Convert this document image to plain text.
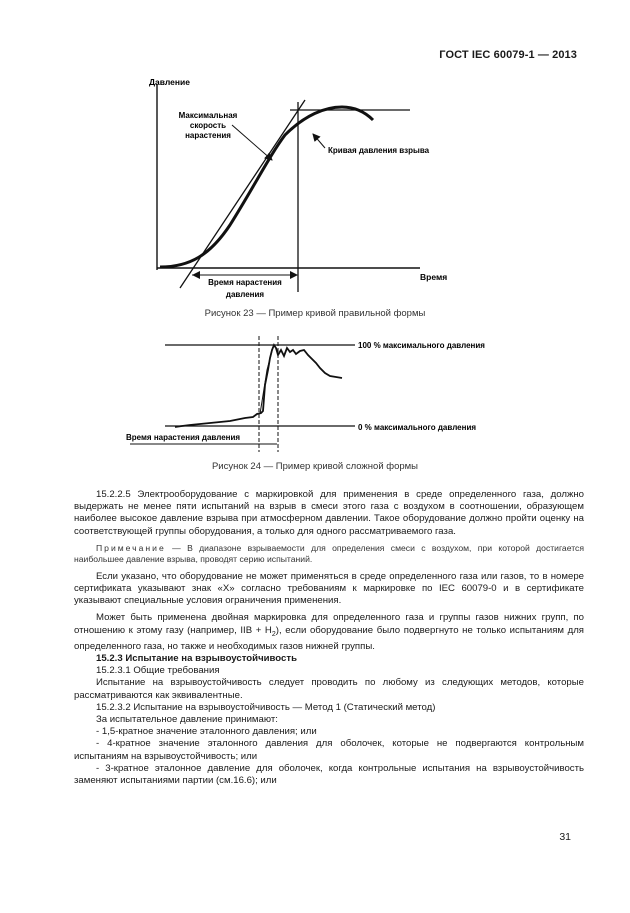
ГОСТ IEC 60079-1 — 2013
Давление
Время
Максимальная
скорость
нарастения
Кривая давления взрыва
Время нарастения
давления
Рисунок 23 — Пример кривой правильной формы
100 % максимального давления
0 % максимального давления
Время нарастения давления
Рисунок 24 — Пример кривой сложной формы

15.2.2.5 Электрооборудование с маркировкой для применения в среде определенного газа, должно выдержать не менее пяти испытаний на взрыв в смеси этого газа с воздухом в соотношении, образующем наиболее высокое давление взрыва при атмосферном давлении. Такое оборудование должно пройти оценку на соответствующей группы оборудования, а только для одного рассматриваемого газа.

Примечание — В диапазоне взрываемости для определения смеси с воздухом, при которой достигается наибольшее давление взрыва, проводят серию испытаний.

Если указано, что оборудование не может применяться в среде определенного газа или газов, то в номере сертификата указывают знак «X» согласно требованиям к маркировке по IEC 60079-0 и в сертификате указывают специальные условия ограничения применения.

Может быть применена двойная маркировка для определенного газа и группы газов нижних групп, по отношению к этому газу (например, IIB + $H_2$), если оборудование было подвергнуто не только испытаниям для определенного газа, но также и необходимых газов нижней группы.

15.2.3 Испытание на взрывоустойчивость

15.2.3.1 Общие требования

Испытание на взрывоустойчивость следует проводить по любому из следующих методов, которые рассматриваются как эквивалентные.

15.2.3.2 Испытание на взрывоустойчивость — Метод 1 (Статический метод)

За испытательное давление принимают:

- 1,5-кратное значение эталонного давления; или

- 4-кратное значение эталонного давления для оболочек, которые не подвергаются контрольным испытаниям на взрывоустойчивость; или

- 3-кратное эталонное давление для оболочек, когда контрольные испытания на взрывоустойчивость заменяют испытаниями партии (см.16.6); или

31
